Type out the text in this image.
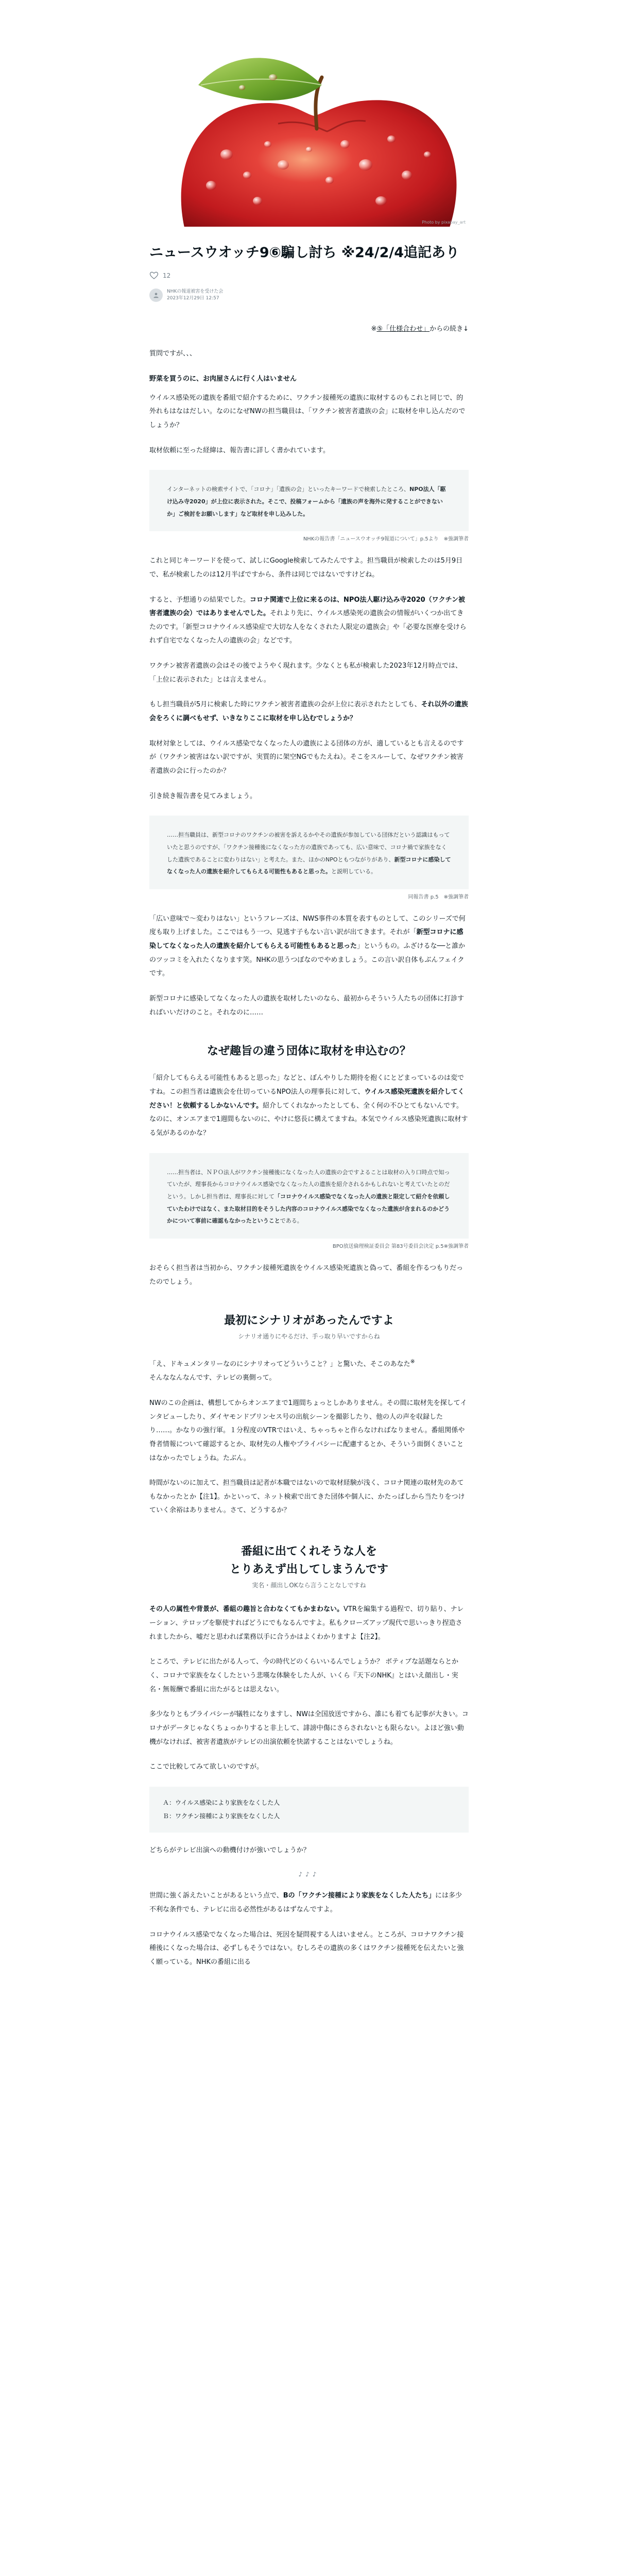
Photo by pixabay_art
ニュースウオッチ9⑥騙し討ち ※24/2/4追記あり
12
NHKの報道被害を受けた会
2023年12月29日 12:57

※⑤「仕様合わせ」からの続き↓

質問ですが、、、

野菜を買うのに、お肉屋さんに行く人はいません

ウイルス感染死の遺族を番組で紹介するために、ワクチン接種死の遺族に取材するのもこれと同じで、的外れもはなはだしい。なのになぜNWの担当職員は、「ワクチン被害者遺族の会」に取材を申し込んだのでしょうか？

取材依頼に至った経緯は、報告書に詳しく書かれています。

インターネットの検索サイトで、「コロナ」「遺族の会」といったキーワードで検索したところ、NPO法人「駆け込み寺2020」が上位に表示された。そこで、投稿フォームから「遺族の声を海外に発することができないか」ご検討をお願いします」など取材を申し込みした。

NHKの報告書「ニュースウオッチ9報道について」p.5より　※強調筆者

これと同じキーワードを使って、試しにGoogle検索してみたんですよ。担当職員が検索したのは5月9日で、私が検索したのは12月半ばですから、条件は同じではないですけどね。

すると、予想通りの結果でした。コロナ関連で上位に来るのは、NPO法人駆け込み寺2020（ワクチン被害者遺族の会）ではありませんでした。それより先に、ウイルス感染死の遺族会の情報がいくつか出てきたのです。「新型コロナウイルス感染症で大切な人をなくされた人限定の遺族会」や「必要な医療を受けられず自宅でなくなった人の遺族の会」などです。

ワクチン被害者遺族の会はその後でようやく現れます。少なくとも私が検索した2023年12月時点では、「上位に表示された」とは言えません。

もし担当職員が5月に検索した時にワクチン被害者遺族の会が上位に表示されたとしても、それ以外の遺族会をろくに調べもせず、いきなりここに取材を申し込むでしょうか？

取材対象としては、ウイルス感染でなくなった人の遺族による団体の方が、適しているとも言えるのですが（ワクチン被害はない訳ですが、実質的に架空NGでもたえね）。そこをスルーして、なぜワクチン被害者遺族の会に行ったのか？

引き続き報告書を見てみましょう。

……担当職員は、新型コロナのワクチンの被害を訴えるかやその遺族が参加している団体だという認識はもっていたと思うのですが、「ワクチン接種後になくなった方の遺族であっても、広い意味で、コロナ禍で家族をなくした遺族であることに変わりはない」と考えた。また、ほかのNPOともつながりがあり、新型コロナに感染してなくなった人の遺族を紹介してもらえる可能性もあると思った。と説明している。

同報告書 p.5　※強調筆者

「広い意味で〜変わりはない」というフレーズは、NWS事件の本質を表すものとして、このシリーズで何度も取り上げました。ここではもう一つ、見逃す子もない言い訳が出てきます。それが「新型コロナに感染してなくなった人の遺族を紹介してもらえる可能性もあると思った」というもの。ふざけるな──と誰かのツッコミを入れたくなります笑。NHKの思うつぼなのでやめましょう。この言い訳自体もぶんフェイクです。

新型コロナに感染してなくなった人の遺族を取材したいのなら、最初からそういう人たちの団体に打診すればいいだけのこと。それなのに……

なぜ趣旨の違う団体に取材を申込むの？

「紹介してもらえる可能性もあると思った」などと、ぼんやりした期待を抱くにとどまっているのは変ですね。この担当者は遺族会を仕切っているNPO法人の理事長に対して、ウイルス感染死遺族を紹介してください！と依頼するしかないんです。紹介してくれなかったとしても、全く何の不ひとてもないんです。なのに、オンエアまで1週間もないのに、やけに悠長に構えてますね。本気でウイルス感染死遺族に取材する気があるのかな？

……担当者は、ＮＰＯ法人がワクチン接種後になくなった人の遺族の会ですよることは取材の入り口時点で知っていたが、理事長からコロナウイルス感染でなくなった人の遺族を紹介されるかもしれないと考えていたとのだという。しかし担当者は、理事長に対して「コロナウイルス感染でなくなった人の遺族と限定して紹介を依頼していたわけではなく、また取材目的をそうした内容のコロナウイルス感染でなくなった遺族が含まれるのかどうかについて事前に確認もなかったということである。

BPO放送倫理検証委員会 第83号委員会決定 p.5※強調筆者

おそらく担当者は当初から、ワクチン接種死遺族をウイルス感染死遺族と偽って、番組を作るつもりだったのでしょう。

最初にシナリオがあったんですよ
シナリオ通りにやるだけ、手っ取り早いですからね

「え、ドキュメンタリーなのにシナリオってどういうこと？」と驚いた、そこのあなた※
そんななんなんです、テレビの裏側って。

NWのこの企画は、構想してからオンエアまで1週間ちょっとしかありません。その間に取材先を探してインタビューしたり、ダイヤモンドプリンセス号の出航シーンを撮影したり、他の人の声を収録したり……。かなりの強行軍。１分程度のVTRではいえ、ちゃっちゃと作らなければなりません。番組関係や脊者情報について確認するとか、取材先の人権やプライバシーに配慮するとか、そういう面倒くさいことはなかったでしょうね。たぶん。

時間がないのに加えて、担当職員は記者が本職ではないので取材経験が浅く、コロナ関連の取材先のあてもなかったとか【注1】。かといって、ネット検索で出てきた団体や個人に、かたっぱしから当たりをつけていく余裕はありません。さて、どうするか？

番組に出てくれそうな人を
とりあえず出してしまうんです
実名・顔出しOKなら言うことなしですね

その人の属性や背景が、番組の趣旨と合わなくてもかまわない。VTRを編集する過程で、切り貼り、ナレーション、テロップを駆使すればどうにでもなるんですよ。私もクローズアップ現代で思いっきり捏造されましたから、嘘だと思われば業務以手に合うかはよくわかりますよ【注2】。

ところで、テレビに出たがる人って、今の時代どのくらいいるんでしょうか？ ボティブな話題ならとかく、コロナで家族をなくしたという悲嘆な体験をした人が、いくら『天下のNHK』とはいえ顔出し・実名・無報酬で番組に出たがるとは思えない。

多少なりともプライバシーが犠牲になりますし、NWは全国放送ですから、誰にも着ても記事が大きい。コロナがデータじゃなくちょっかりすると非上して、誹謗中傷にさらされないとも限らない。よほど強い動機がなければ、被害者遺族がテレビの出演依頼を快諾することはないでしょうね。

ここで比較してみて欲しいのですが。

Ａ：ウイルス感染により家族をなくした人
Ｂ：ワクチン接種により家族をなくした人

どちらがテレビ出演への動機付けが強いでしょうか？

♪♪♪

世間に強く訴えたいことがあるという点で、Bの「ワクチン接種により家族をなくした人たち」には多少不利な条件でも、テレビに出る必然性があるはずなんですよ。

コロナウイルス感染でなくなった場合は、死因を疑問視する人はいません。ところが、コロナワクチン接種後にくなった場合は、必ずしもそうではない。むしろその遺族の多くはワクチン接種死を伝えたいと強く願っている。NHKの番組に出る
